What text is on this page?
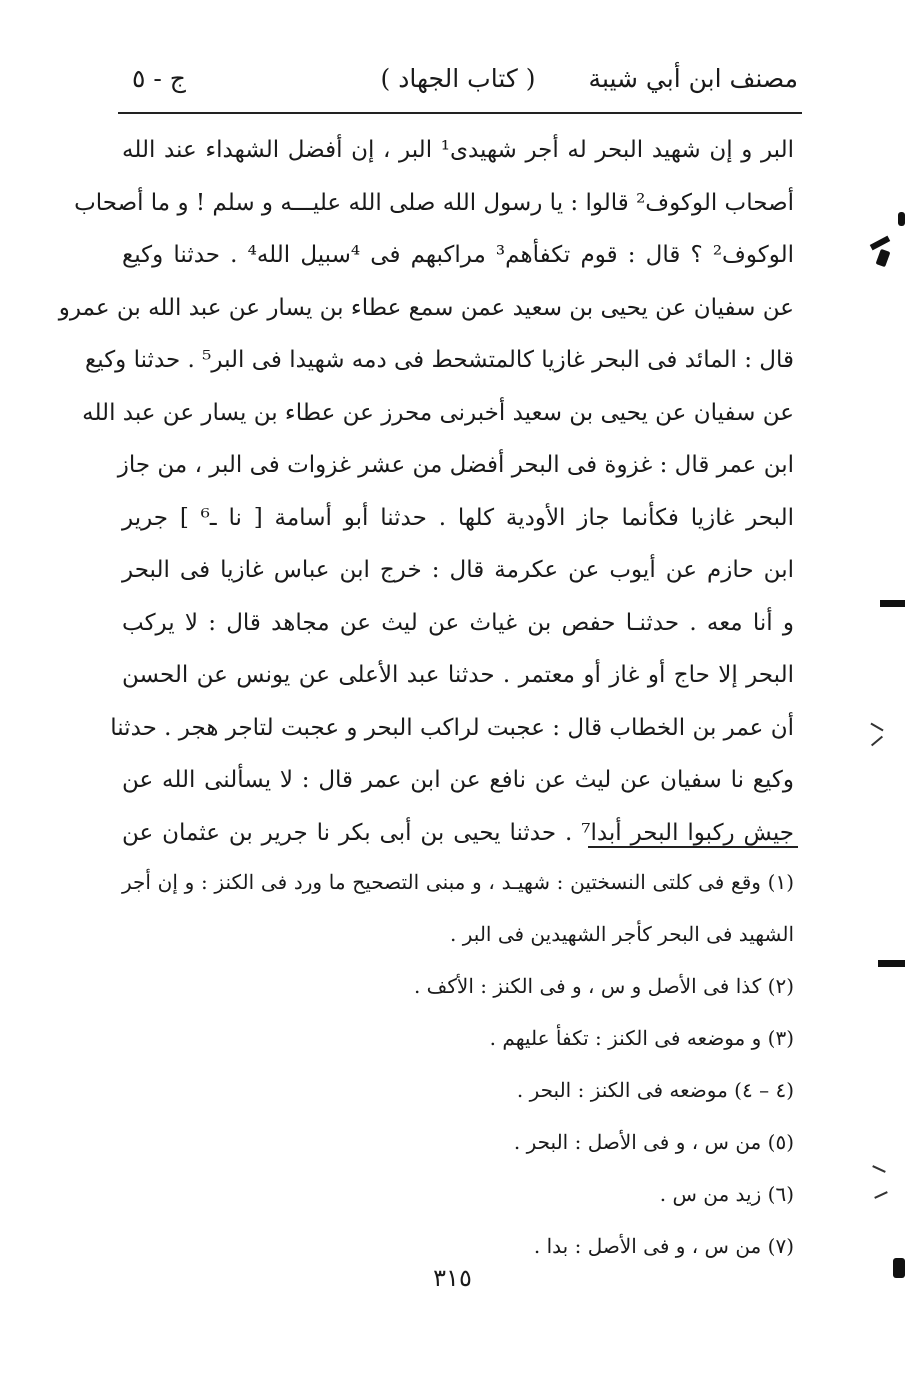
مصنف ابن أبي شيبة
( كتاب الجهاد )
ج - ٥
البر و إن شهيد البحر له أجر شهيدى¹ البر ، إن أفضل الشهداء عند الله
أصحاب الوكوف² قالوا : يا رسول الله صلى الله عليـــه و سلم ! و ما أصحاب
الوكوف² ؟ قال : قوم تكفأهم³ مراكبهم فى ⁴سبيل الله⁴ . حدثنا وكيع
عن سفيان عن يحيى بن سعيد عمن سمع عطاء بن يسار عن عبد الله بن عمرو
قال : المائد فى البحر غازيا كالمتشحط فى دمه شهيدا فى البر⁵ . حدثنا وكيع
عن سفيان عن يحيى بن سعيد أخبرنى محرز عن عطاء بن يسار عن عبد الله
ابن عمر قال : غزوة فى البحر أفضل من عشر غزوات فى البر ، من جاز
البحر غازيا فكأنما جاز الأودية كلها . حدثنا أبو أسامة [ نا ـ⁶ ] جرير
ابن حازم عن أيوب عن عكرمة قال : خرج ابن عباس غازيا فى البحر
و أنا معه . حدثنـا حفص بن غياث عن ليث عن مجاهد قال : لا يركب
البحر إلا حاج أو غاز أو معتمر . حدثنا عبد الأعلى عن يونس عن الحسن
أن عمر بن الخطاب قال : عجبت لراكب البحر و عجبت لتاجر هجر . حدثنا
وكيع نا سفيان عن ليث عن نافع عن ابن عمر قال : لا يسألنى الله عن
جيش ركبوا البحر أبدا⁷ . حدثنا يحيى بن أبى بكر نا جرير بن عثمان عن
(١) وقع فى كلتى النسختين : شهيـد ، و مبنى التصحيح ما ورد فى الكنز : و إن أجر
الشهيد فى البحر كأجر الشهيدين فى البر .
(٢) كذا فى الأصل و س ، و فى الكنز : الأكف .
(٣) و موضعه فى الكنز : تكفأ عليهم .
(٤ – ٤) موضعه فى الكنز : البحر .
(٥) من س ، و فى الأصل : البحر .
(٦) زيد من س .
(٧) من س ، و فى الأصل : بدا .
٣١٥
